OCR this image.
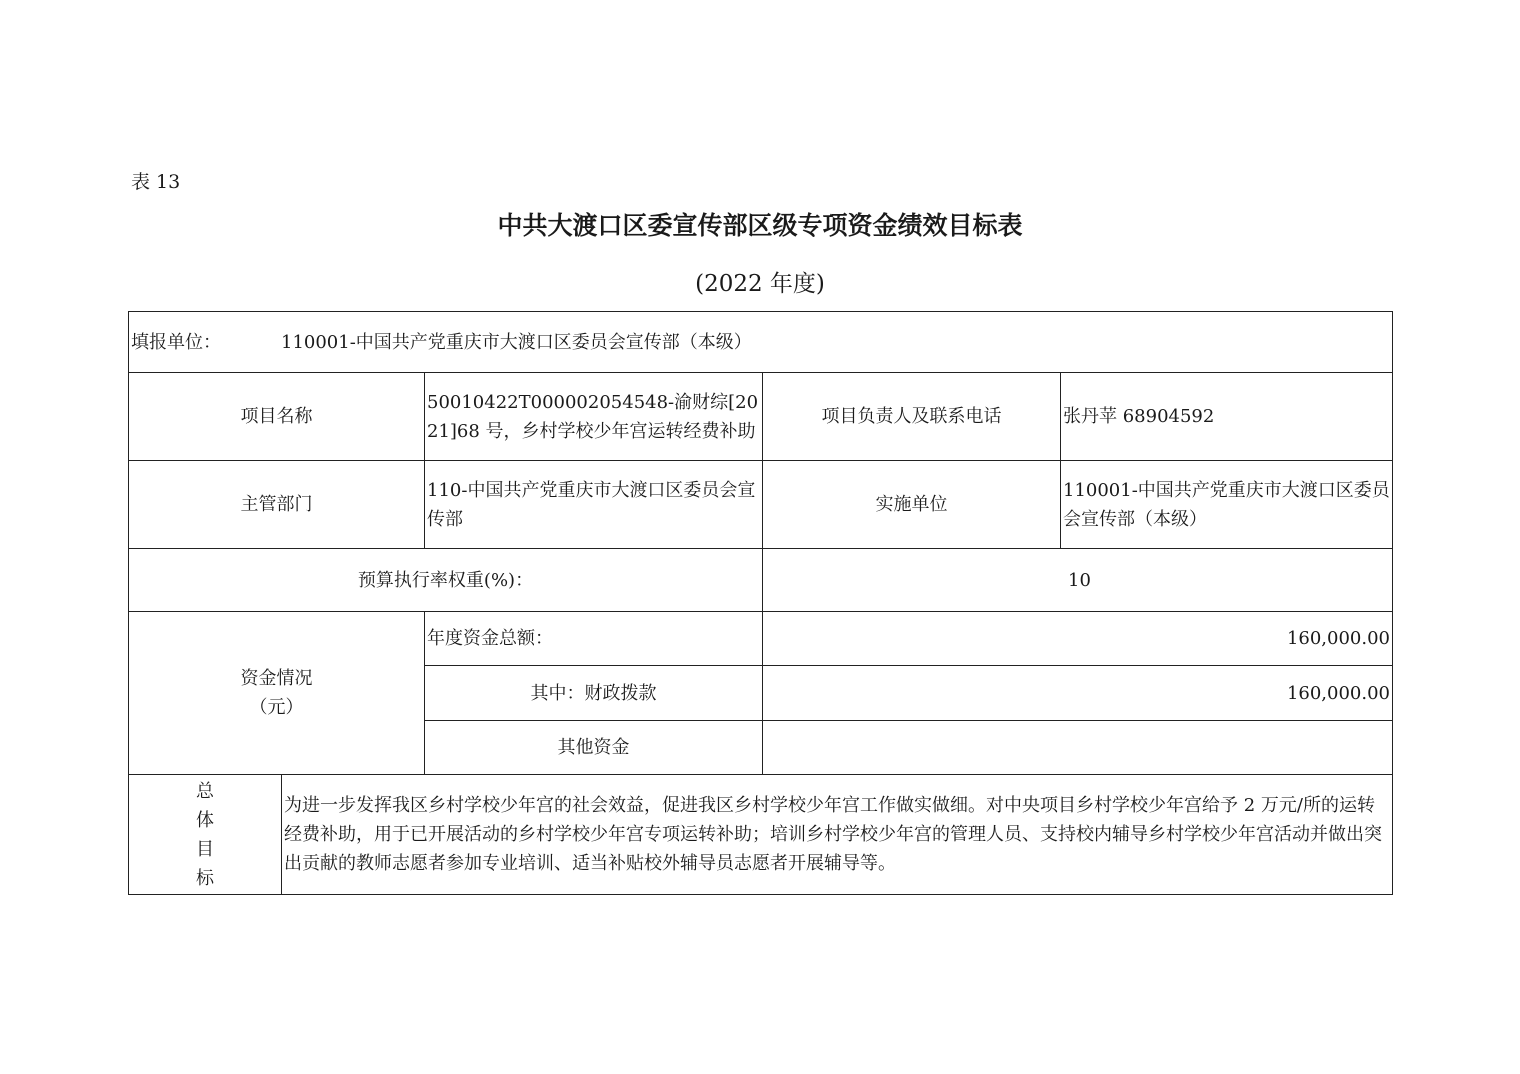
表 13
中共大渡口区委宣传部区级专项资金绩效目标表
(2022 年度)
填报单位： 110001-中国共产党重庆市大渡口区委员会宣传部（本级）				
项目名称		50010422T000002054548-渝财综[2021]68 号，乡村学校少年宫运转经费补助	项目负责人及联系电话	张丹苹 68904592
主管部门		110-中国共产党重庆市大渡口区委员会宣传部	实施单位	110001-中国共产党重庆市大渡口区委员会宣传部（本级）
预算执行率权重(%)：			10	

资金情况
（元）		年度资金总额：	160,000.00	
		其中：财政拨款	160,000.00	
		其他资金		

总
体
目
标	为进一步发挥我区乡村学校少年宫的社会效益，促进我区乡村学校少年宫工作做实做细。对中央项目乡村学校少年宫给予 2 万元/所的运转经费补助，用于已开展活动的乡村学校少年宫专项运转补助；培训乡村学校少年宫的管理人员、支持校内辅导乡村学校少年宫活动并做出突出贡献的教师志愿者参加专业培训、适当补贴校外辅导员志愿者开展辅导等。			
